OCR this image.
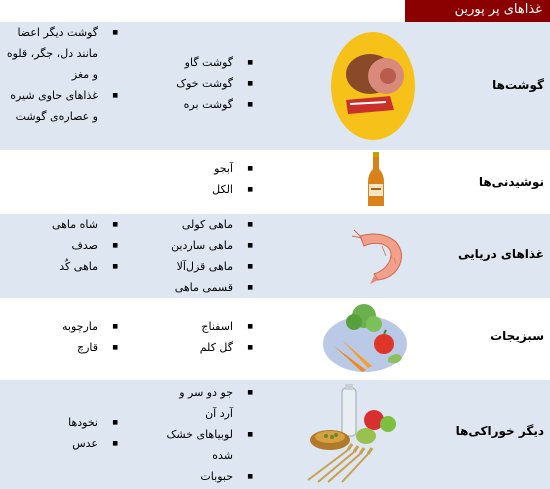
غذاهای پر پورین
گوشت‌ها
■ گوشت گاو
■ گوشت خوک
■ گوشت بره
■ گوشت دیگر اعضا مانند دل، جگر، قلوه و مغز
■ غذاهای حاوی شیره و عصاره‌ی گوشت
نوشیدنی‌ها
■ آبجو
■ الکل
غذاهای دریایی
■ ماهی کولی
■ ماهی ساردین
■ ماهی قزل‌آلا
■ قسمی ماهی
■ شاه ماهی
■ صدف
■ ماهی کُد
سبزیجات
■ اسفناج
■ گل کلم
■ مارچوبه
■ قارچ
دیگر خوراکی‌ها
■ جو دو سر و آرد آن
■ لوبیاهای خشک شده
■ حبوبات
■ نخودها
■ عدس
